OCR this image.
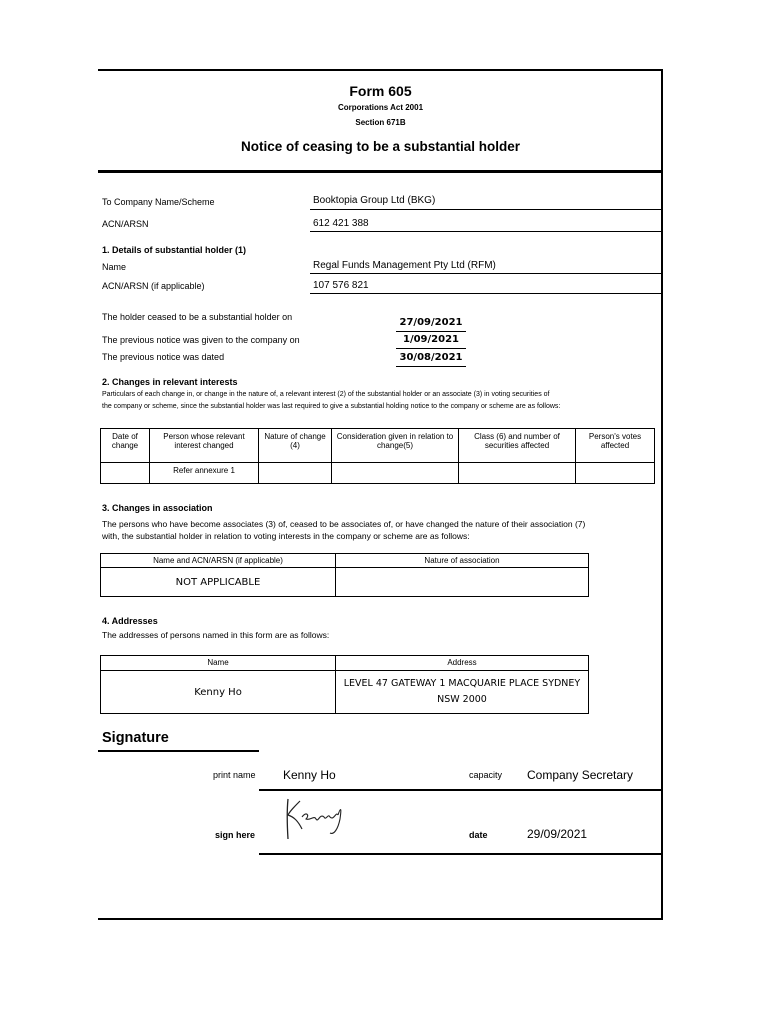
Form 605
Corporations Act 2001
Section 671B
Notice of ceasing to be a substantial holder
To Company Name/Scheme	Booktopia Group Ltd (BKG)
ACN/ARSN	612 421 388
1. Details of substantial holder (1)
Name	Regal Funds Management Pty Ltd (RFM)
ACN/ARSN (if applicable)	107 576 821
The holder ceased to be a substantial holder on	27/09/2021
The previous notice was given to the company on	1/09/2021
The previous notice was dated	30/08/2021
2. Changes in relevant interests
Particulars of each change in, or change in the nature of, a relevant interest (2) of the substantial holder or an associate (3) in voting securities of
the company or scheme, since the substantial holder was last required to give a substantial holding notice to the company or scheme are as follows:
Date of change	Person whose relevant interest changed	Nature of change (4)	Consideration given in relation to change(5)	Class (6) and number of securities affected	Person's votes affected
	Refer annexure 1				
3. Changes in association
The persons who have become associates (3) of, ceased to be associates of, or have changed the nature of their association (7)
with, the substantial holder in relation to voting interests in the company or scheme are as follows:
Name and ACN/ARSN (if applicable)	Nature of association
NOT APPLICABLE	
4. Addresses
The addresses of persons named in this form are as follows:
Name	Address
Kenny Ho	LEVEL 47 GATEWAY 1 MACQUARIE PLACE SYDNEY
NSW 2000
Signature
print name Kenny Ho	capacity Company Secretary
sign here	date	29/09/2021
